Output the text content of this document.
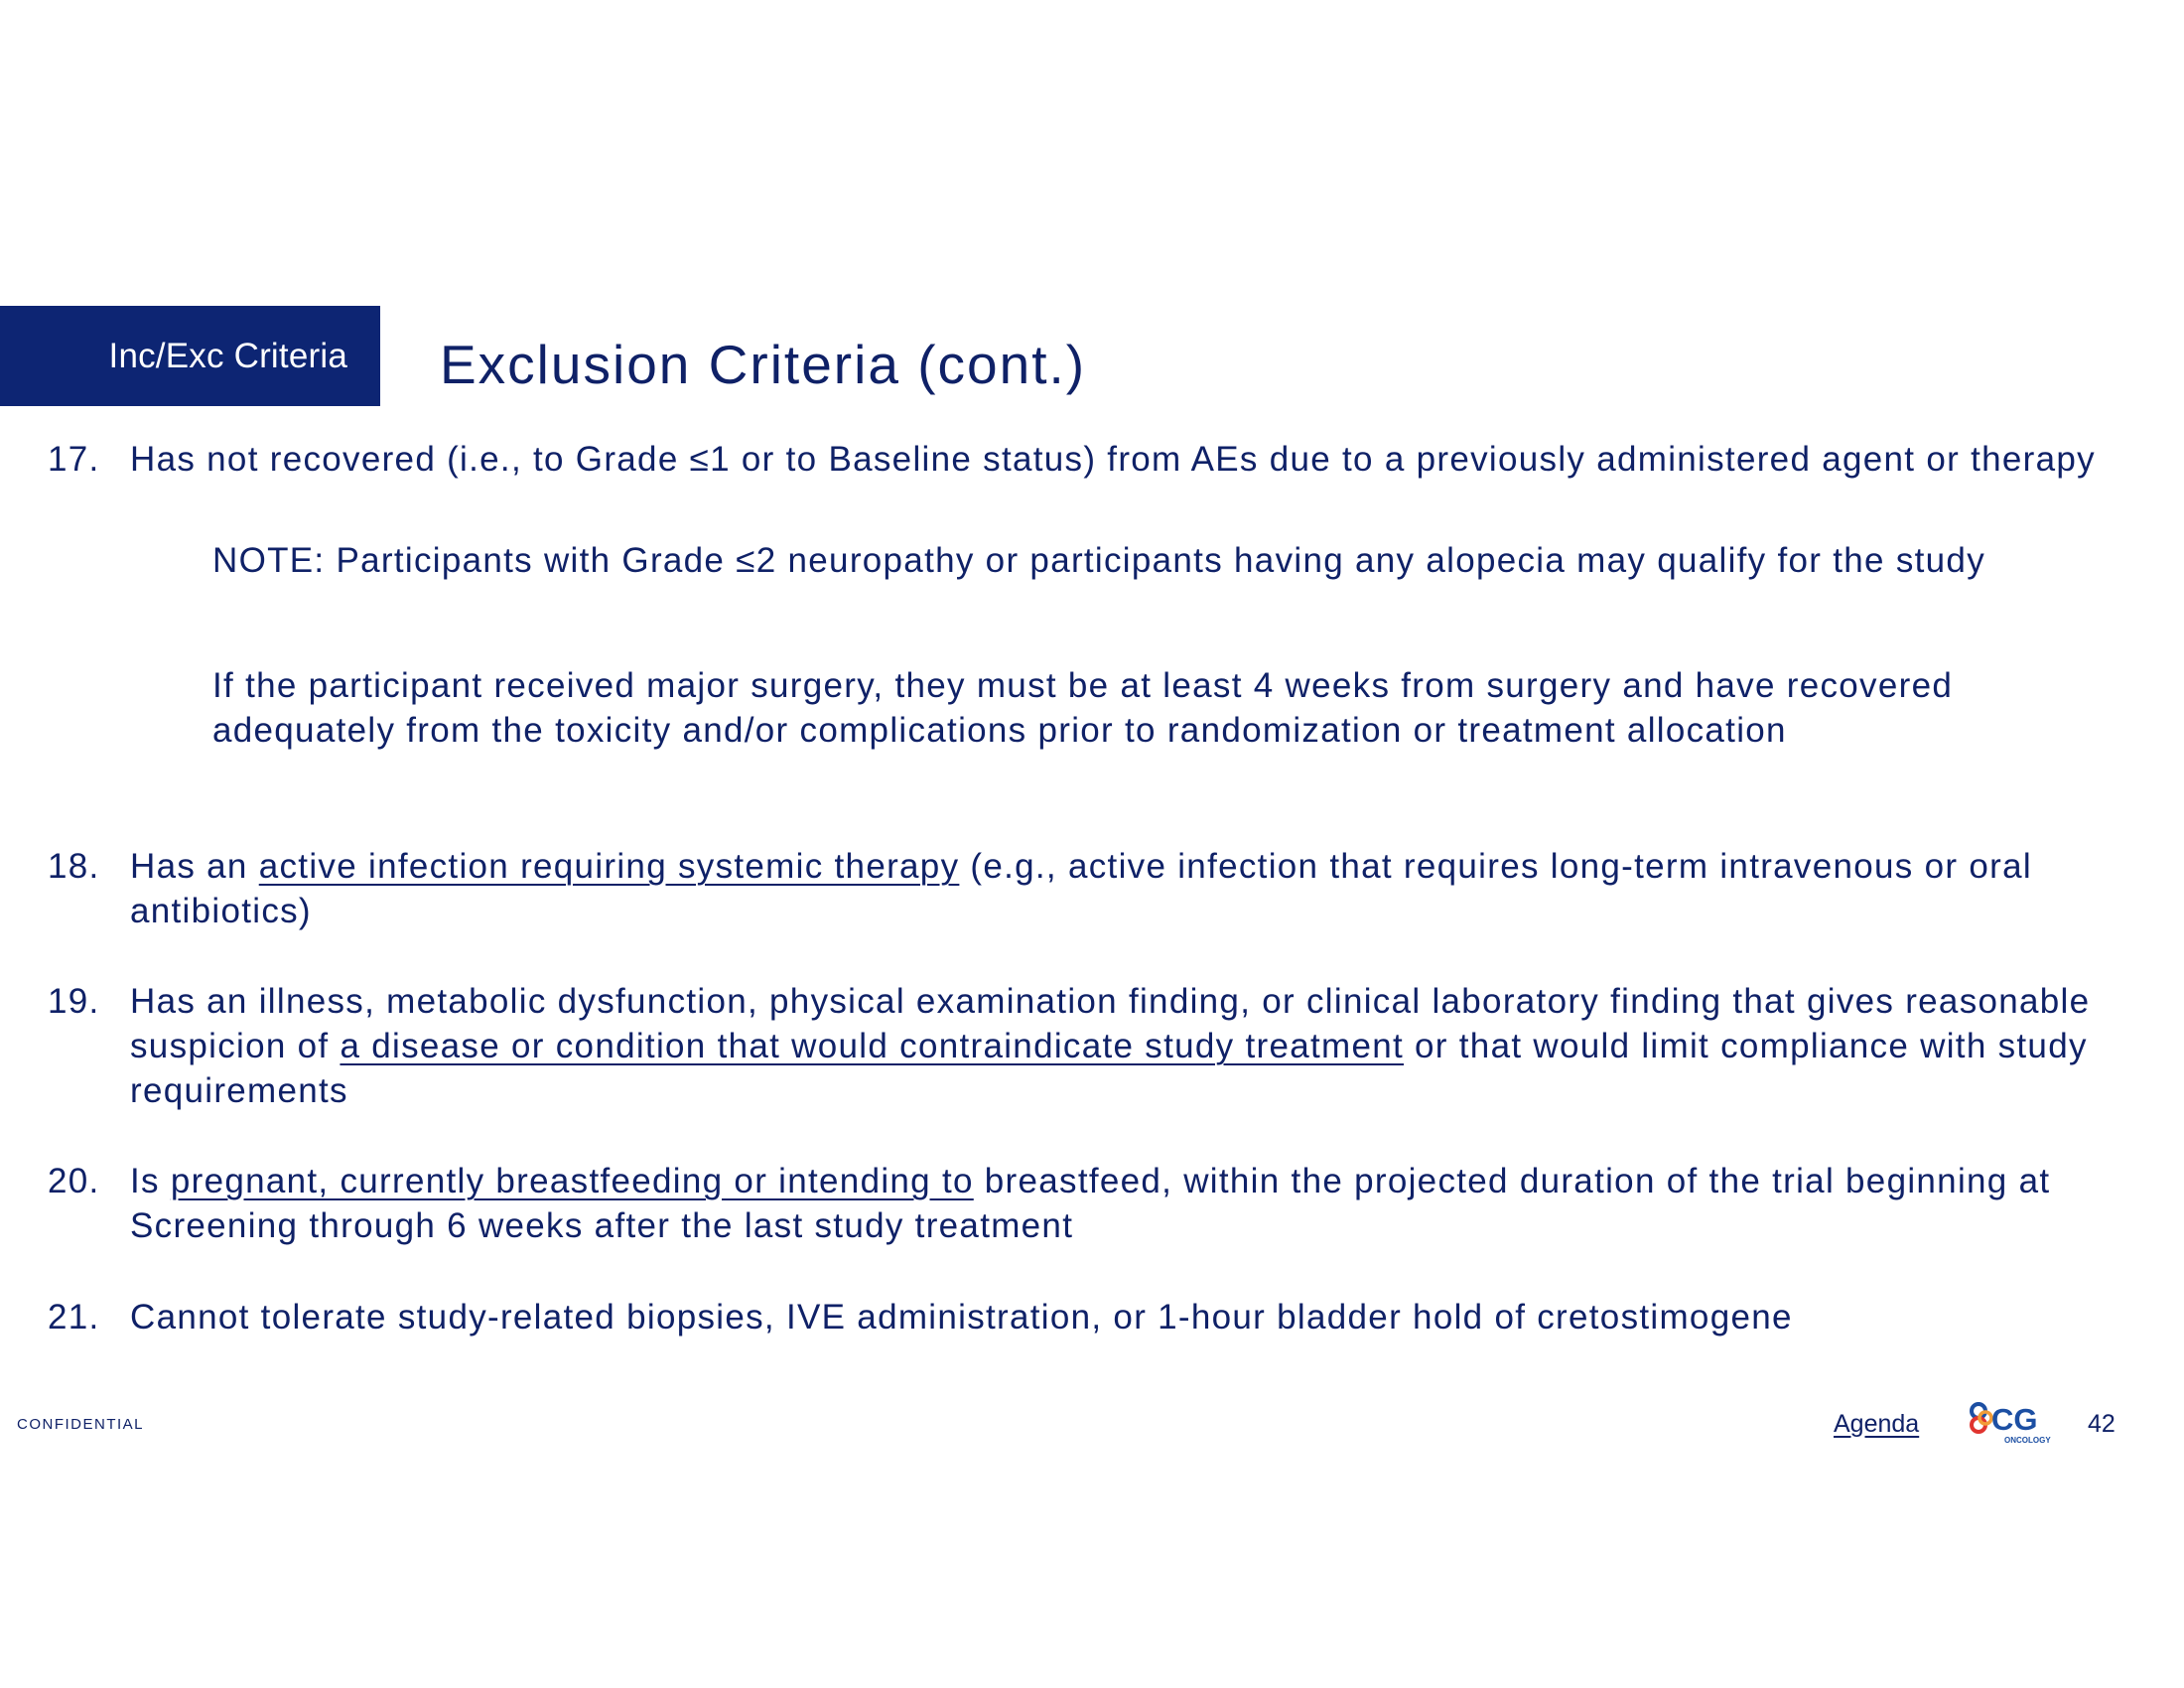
Inc/Exc Criteria Exclusion Criteria (cont.)
17. Has not recovered (i.e., to Grade ≤1 or to Baseline status) from AEs due to a previously administered agent or therapy
NOTE: Participants with Grade ≤2 neuropathy or participants having any alopecia may qualify for the study
If the participant received major surgery, they must be at least 4 weeks from surgery and have recovered adequately from the toxicity and/or complications prior to randomization or treatment allocation
18. Has an active infection requiring systemic therapy (e.g., active infection that requires long-term intravenous or oral antibiotics)
19. Has an illness, metabolic dysfunction, physical examination finding, or clinical laboratory finding that gives reasonable suspicion of a disease or condition that would contraindicate study treatment or that would limit compliance with study requirements
20. Is pregnant, currently breastfeeding or intending to breastfeed, within the projected duration of the trial beginning at Screening through 6 weeks after the last study treatment
21. Cannot tolerate study-related biopsies, IVE administration, or 1-hour bladder hold of cretostimogene
CONFIDENTIAL	Agenda CG
ONCOLOGY
42
